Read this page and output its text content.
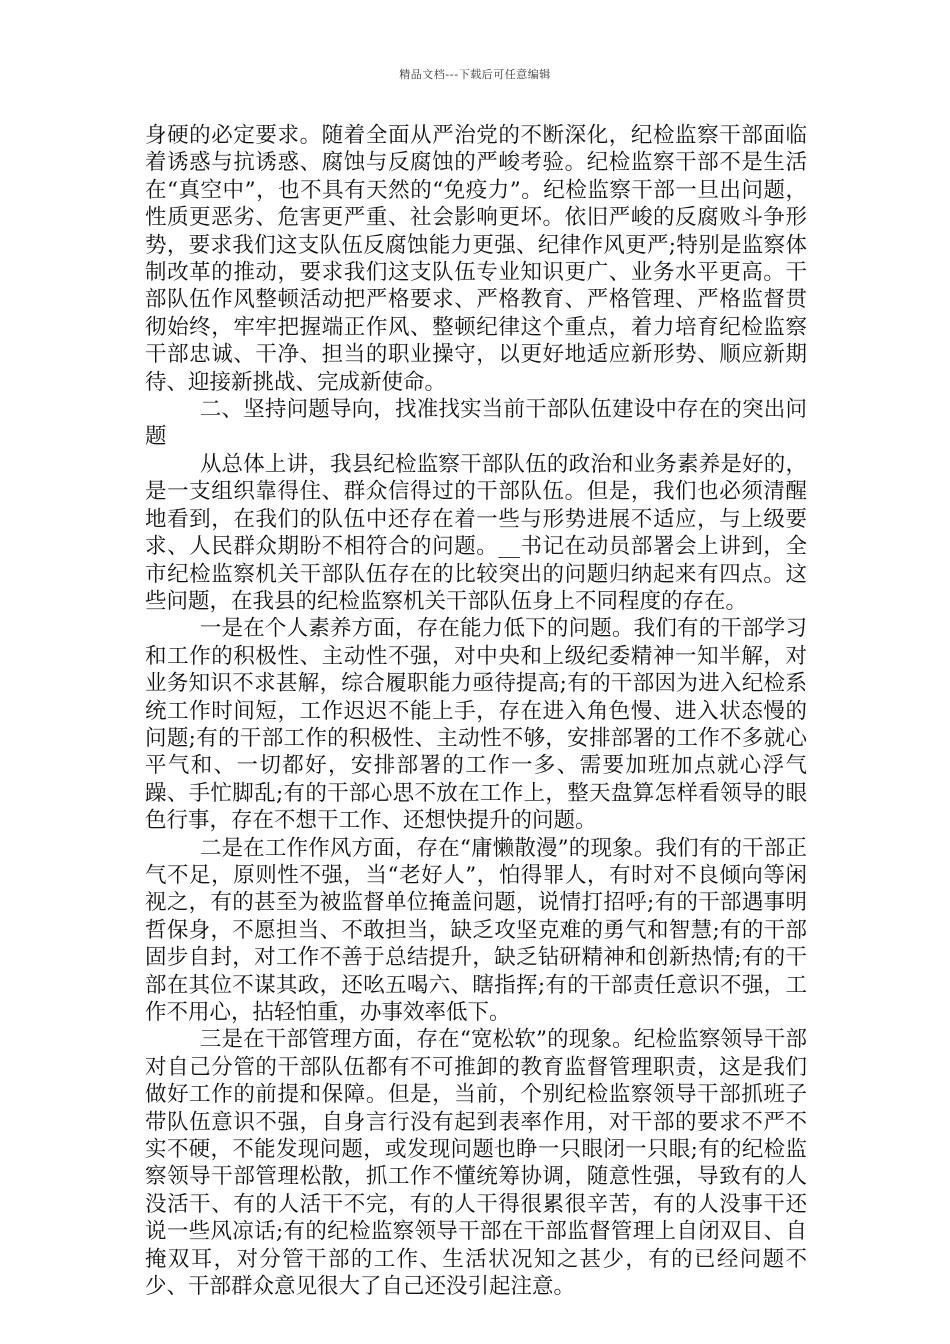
精品文档---下载后可任意编辑

身硬的必定要求。随着全面从严治党的不断深化，纪检监察干部面临着诱惑与抗诱惑、腐蚀与反腐蚀的严峻考验。纪检监察干部不是生活在“真空中”，也不具有天然的“免疫力”。纪检监察干部一旦出问题，性质更恶劣、危害更严重、社会影响更坏。依旧严峻的反腐败斗争形势，要求我们这支队伍反腐蚀能力更强、纪律作风更严;特别是监察体制改革的推动，要求我们这支队伍专业知识更广、业务水平更高。干部队伍作风整顿活动把严格要求、严格教育、严格管理、严格监督贯彻始终，牢牢把握端正作风、整顿纪律这个重点，着力培育纪检监察干部忠诚、干净、担当的职业操守，以更好地适应新形势、顺应新期待、迎接新挑战、完成新使命。

二、坚持问题导向，找准找实当前干部队伍建设中存在的突出问题

从总体上讲，我县纪检监察干部队伍的政治和业务素养是好的，是一支组织靠得住、群众信得过的干部队伍。但是，我们也必须清醒地看到，在我们的队伍中还存在着一些与形势进展不适应，与上级要求、人民群众期盼不相符合的问题。__书记在动员部署会上讲到，全市纪检监察机关干部队伍存在的比较突出的问题归纳起来有四点。这些问题，在我县的纪检监察机关干部队伍身上不同程度的存在。

一是在个人素养方面，存在能力低下的问题。我们有的干部学习和工作的积极性、主动性不强，对中央和上级纪委精神一知半解，对业务知识不求甚解，综合履职能力亟待提高;有的干部因为进入纪检系统工作时间短，工作迟迟不能上手，存在进入角色慢、进入状态慢的问题;有的干部工作的积极性、主动性不够，安排部署的工作不多就心平气和、一切都好，安排部署的工作一多、需要加班加点就心浮气躁、手忙脚乱;有的干部心思不放在工作上，整天盘算怎样看领导的眼色行事，存在不想干工作、还想快提升的问题。

二是在工作作风方面，存在“庸懒散漫”的现象。我们有的干部正气不足，原则性不强，当“老好人”，怕得罪人，有时对不良倾向等闲视之，有的甚至为被监督单位掩盖问题，说情打招呼;有的干部遇事明哲保身，不愿担当、不敢担当，缺乏攻坚克难的勇气和智慧;有的干部固步自封，对工作不善于总结提升，缺乏钻研精神和创新热情;有的干部在其位不谋其政，还吆五喝六、瞎指挥;有的干部责任意识不强，工作不用心，拈轻怕重，办事效率低下。

三是在干部管理方面，存在“宽松软”的现象。纪检监察领导干部对自己分管的干部队伍都有不可推卸的教育监督管理职责，这是我们做好工作的前提和保障。但是，当前，个别纪检监察领导干部抓班子带队伍意识不强，自身言行没有起到表率作用，对干部的要求不严不实不硬，不能发现问题，或发现问题也睁一只眼闭一只眼;有的纪检监察领导干部管理松散，抓工作不懂统筹协调，随意性强，导致有的人没活干、有的人活干不完，有的人干得很累很辛苦，有的人没事干还说一些风凉话;有的纪检监察领导干部在干部监督管理上自闭双目、自掩双耳，对分管干部的工作、生活状况知之甚少，有的已经问题不少、干部群众意见很大了自己还没引起注意。
